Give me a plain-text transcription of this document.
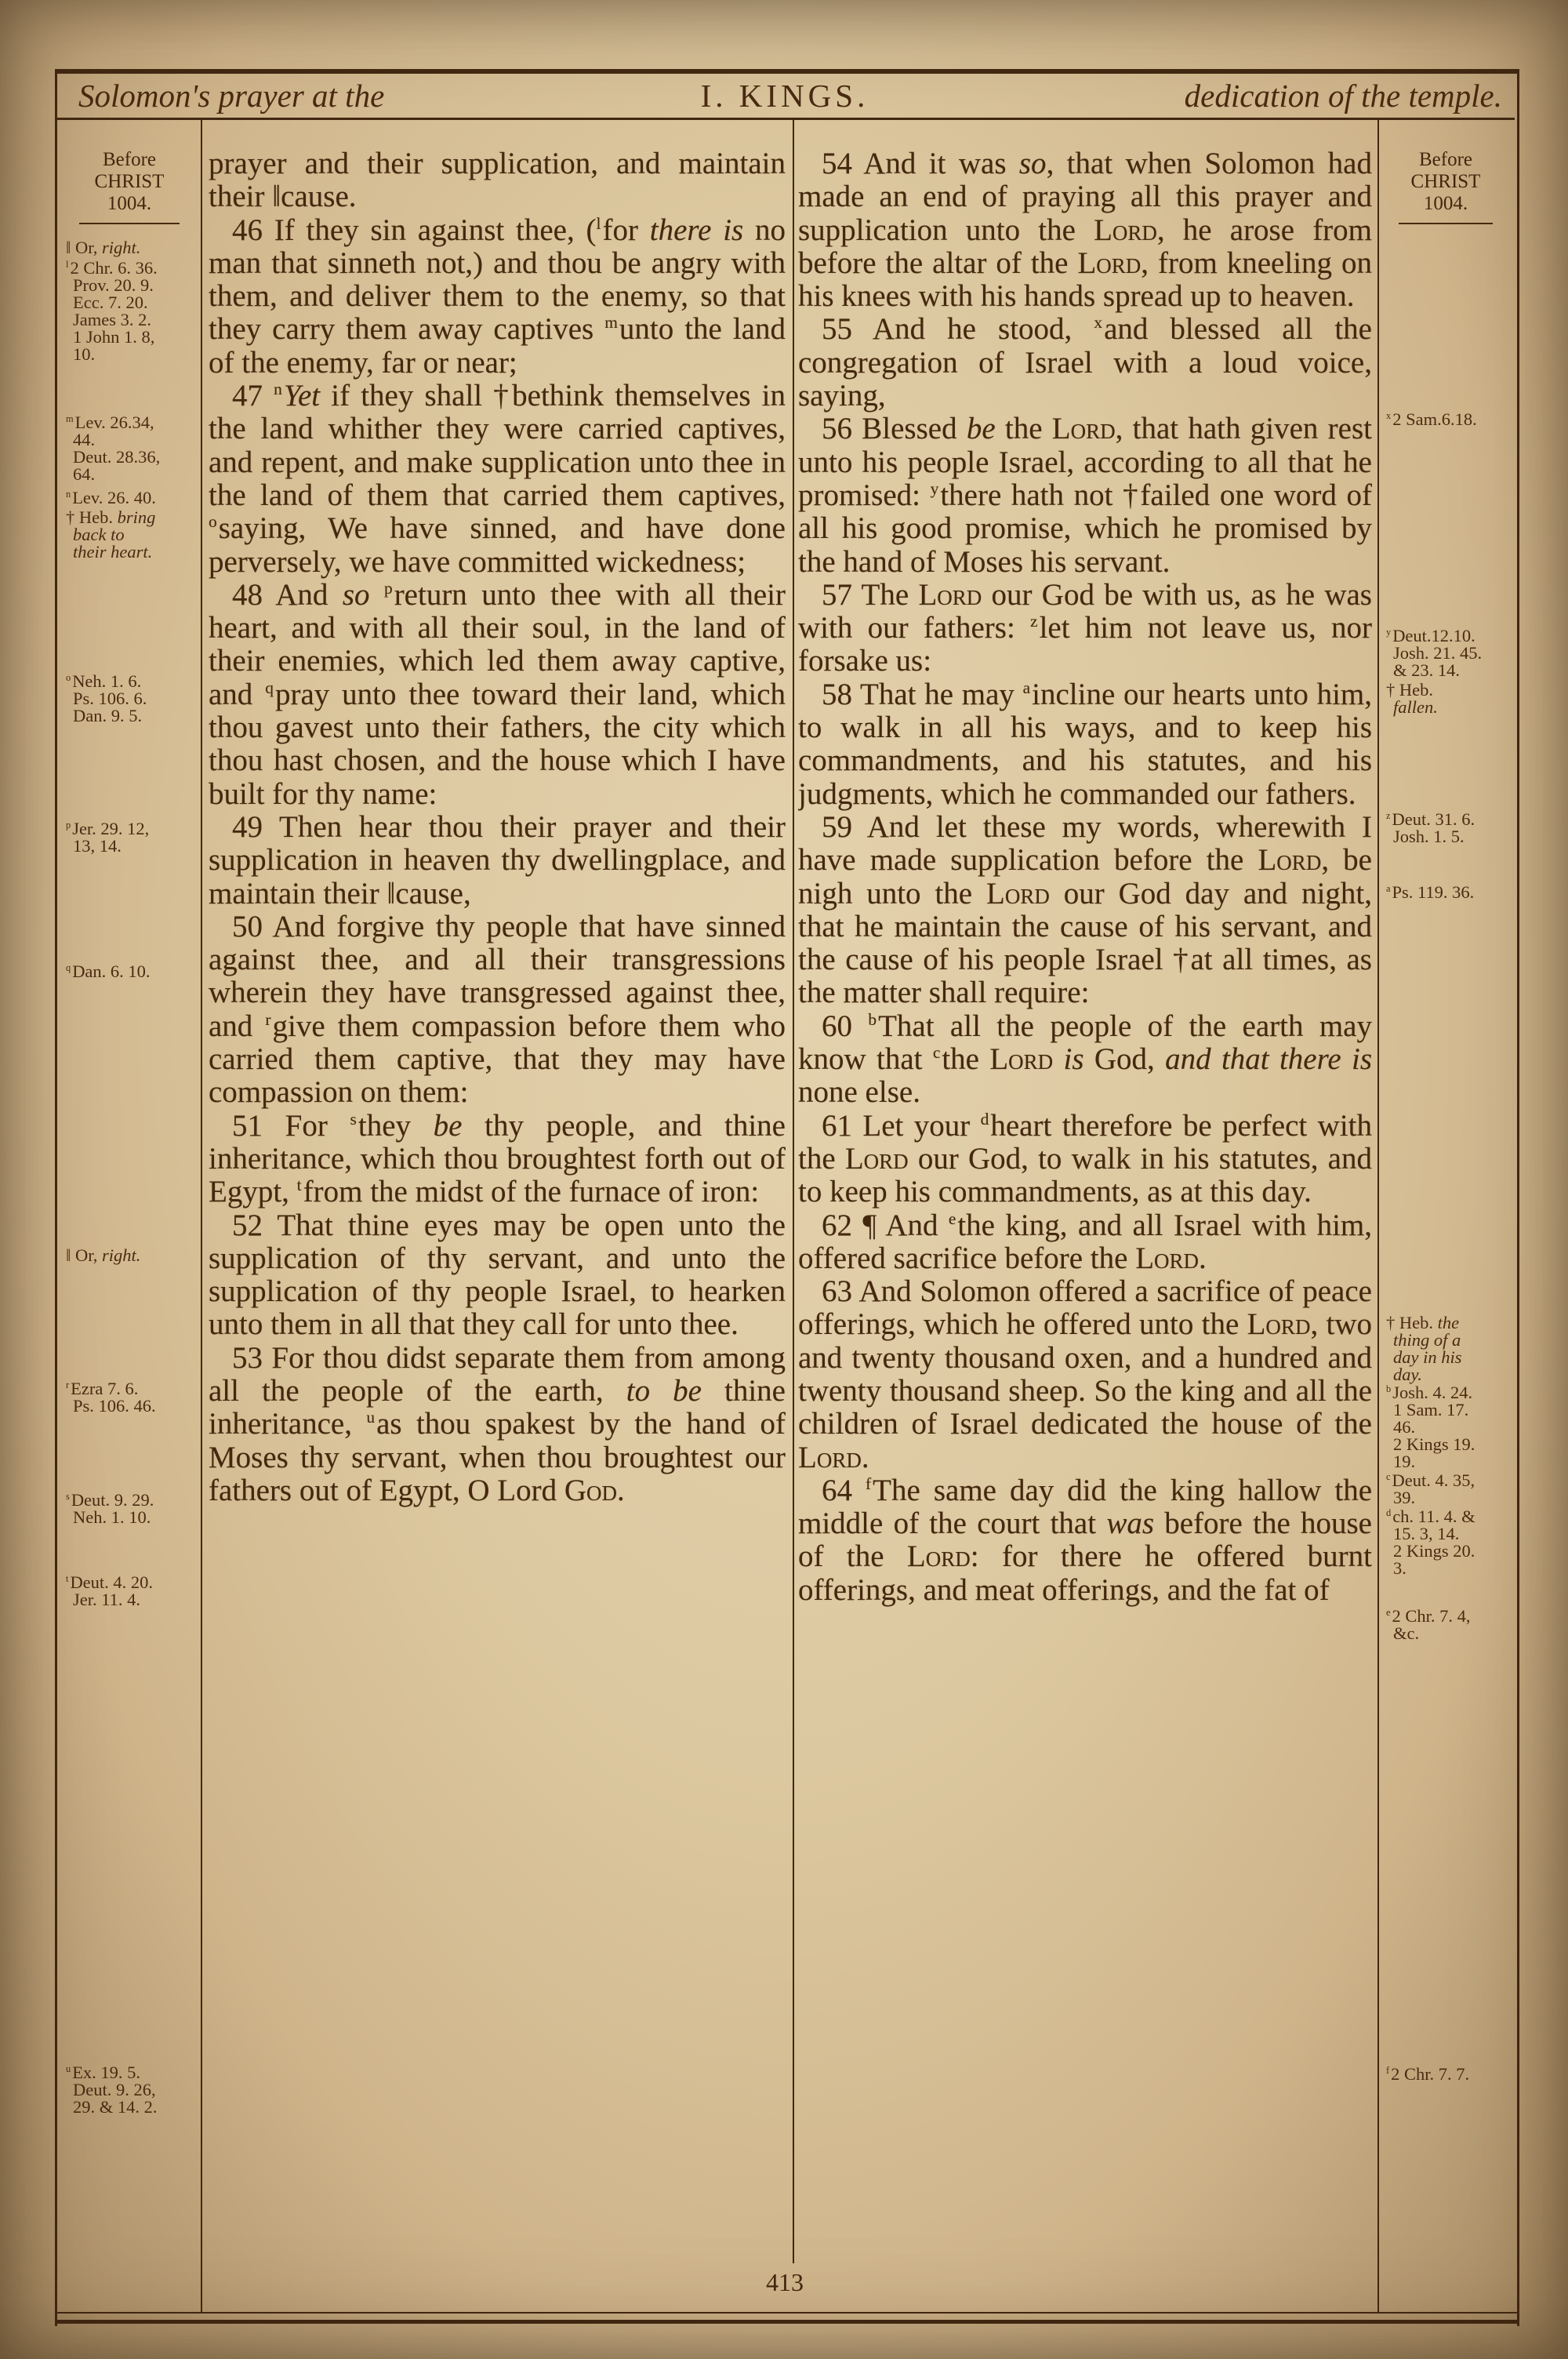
Solomon's prayer at the	I. KINGS.	dedication of the temple.
Before
CHRIST
1004.
‖ Or, right.
$^l$2 Chr. 6. 36.
Prov. 20. 9.
Ecc. 7. 20.
James 3. 2.
1 John 1. 8,
10.
$^m$Lev. 26.34,
44.
Deut. 28.36,
64.
$^n$Lev. 26. 40.
† Heb. bring
back to
their heart.
$^o$Neh. 1. 6.
Ps. 106. 6.
Dan. 9. 5.
$^p$Jer. 29. 12,
13, 14.
$^q$Dan. 6. 10.
‖ Or, right.
$^r$Ezra 7. 6.
Ps. 106. 46.
$^s$Deut. 9. 29.
Neh. 1. 10.
$^t$Deut. 4. 20.
Jer. 11. 4.
$^u$Ex. 19. 5.
Deut. 9. 26,
29. & 14. 2.
Before
CHRIST
1004.
$^x$2 Sam.6.18.
$^y$Deut.12.10.
Josh. 21. 45.
& 23. 14.
† Heb.
fallen.
$^z$Deut. 31. 6.
Josh. 1. 5.
$^a$Ps. 119. 36.
† Heb. the
thing of a
day in his
day.
$^b$Josh. 4. 24.
1 Sam. 17.
46.
2 Kings 19.
19.
$^c$Deut. 4. 35,
39.
$^d$ch. 11. 4. &
15. 3, 14.
2 Kings 20.
3.
$^e$2 Chr. 7. 4,
&c.
$^f$2 Chr. 7. 7.

prayer and their supplication, and maintain their ‖cause.

46 If they sin against thee, ($^l$for there is no man that sinneth not,) and thou be angry with them, and deliver them to the enemy, so that they carry them away captives $^m$unto the land of the enemy, far or near;

47 $^n$Yet if they shall †bethink themselves in the land whither they were carried captives, and repent, and make supplication unto thee in the land of them that carried them captives, $^o$saying, We have sinned, and have done perversely, we have committed wickedness;

48 And so $^p$return unto thee with all their heart, and with all their soul, in the land of their enemies, which led them away captive, and $^q$pray unto thee toward their land, which thou gavest unto their fathers, the city which thou hast chosen, and the house which I have built for thy name:

49 Then hear thou their prayer and their supplication in heaven thy dwellingplace, and maintain their ‖cause,

50 And forgive thy people that have sinned against thee, and all their transgressions wherein they have transgressed against thee, and $^r$give them compassion before them who carried them captive, that they may have compassion on them:

51 For $^s$they be thy people, and thine inheritance, which thou broughtest forth out of Egypt, $^t$from the midst of the furnace of iron:

52 That thine eyes may be open unto the supplication of thy servant, and unto the supplication of thy people Israel, to hearken unto them in all that they call for unto thee.

53 For thou didst separate them from among all the people of the earth, to be thine inheritance, $^u$as thou spakest by the hand of Moses thy servant, when thou broughtest our fathers out of Egypt, O Lord God.

54 And it was so, that when Solomon had made an end of praying all this prayer and supplication unto the Lord, he arose from before the altar of the Lord, from kneeling on his knees with his hands spread up to heaven.

55 And he stood, $^x$and blessed all the congregation of Israel with a loud voice, saying,

56 Blessed be the Lord, that hath given rest unto his people Israel, according to all that he promised: $^y$there hath not †failed one word of all his good promise, which he promised by the hand of Moses his servant.

57 The Lord our God be with us, as he was with our fathers: $^z$let him not leave us, nor forsake us:

58 That he may $^a$incline our hearts unto him, to walk in all his ways, and to keep his commandments, and his statutes, and his judgments, which he commanded our fathers.

59 And let these my words, wherewith I have made supplication before the Lord, be nigh unto the Lord our God day and night, that he maintain the cause of his servant, and the cause of his people Israel †at all times, as the matter shall require:

60 $^b$That all the people of the earth may know that $^c$the Lord is God, and that there is none else.

61 Let your $^d$heart therefore be perfect with the Lord our God, to walk in his statutes, and to keep his commandments, as at this day.

62 ¶ And $^e$the king, and all Israel with him, offered sacrifice before the Lord.

63 And Solomon offered a sacrifice of peace offerings, which he offered unto the Lord, two and twenty thousand oxen, and a hundred and twenty thousand sheep. So the king and all the children of Israel dedicated the house of the Lord.

64 $^f$The same day did the king hallow the middle of the court that was before the house of the Lord: for there he offered burnt offerings, and meat offerings, and the fat of

413
